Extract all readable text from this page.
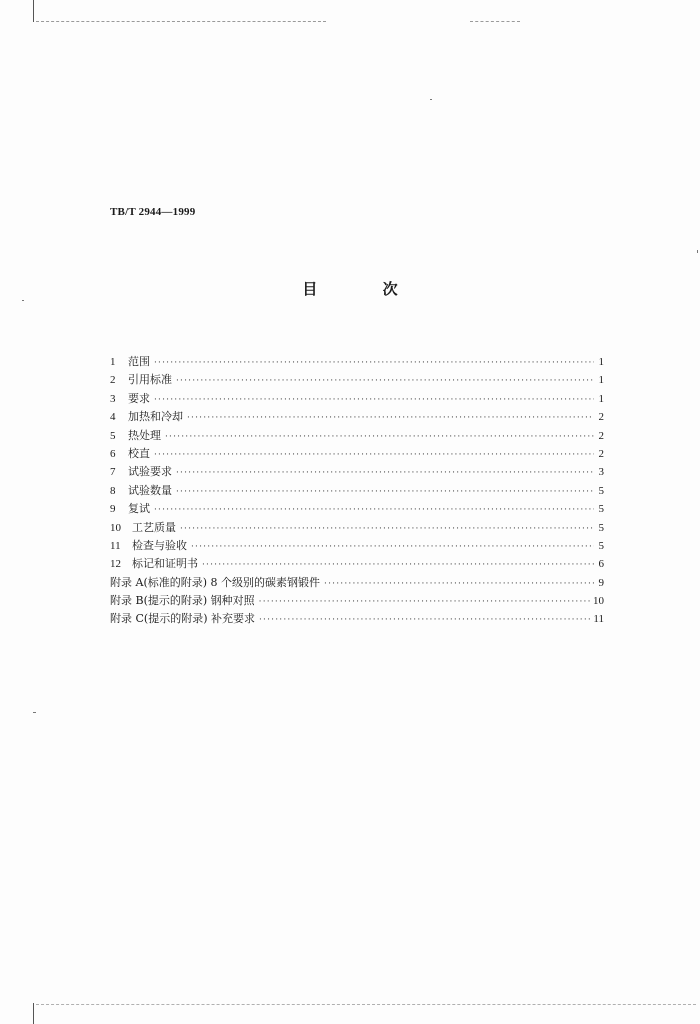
TB/T 2944—1999
目 次
1	范围 ·····	1
2	引用标准 ·····	1
3	要求 ·····	1
4	加热和冷却 ·····	2
5	热处理 ·····	2
6	校直 ·····	2
7	试验要求 ·····	3
8	试验数量 ·····	5
9	复试 ·····	5
10	工艺质量 ·····	5
11	检查与验收 ·····	5
12	标记和证明书 ·····	6
附录 A(标准的附录) 8 个级别的碳素钢锻件 ·····	9
附录 B(提示的附录) 钢种对照 ·····	10
附录 C(提示的附录) 补充要求 ·····	11
